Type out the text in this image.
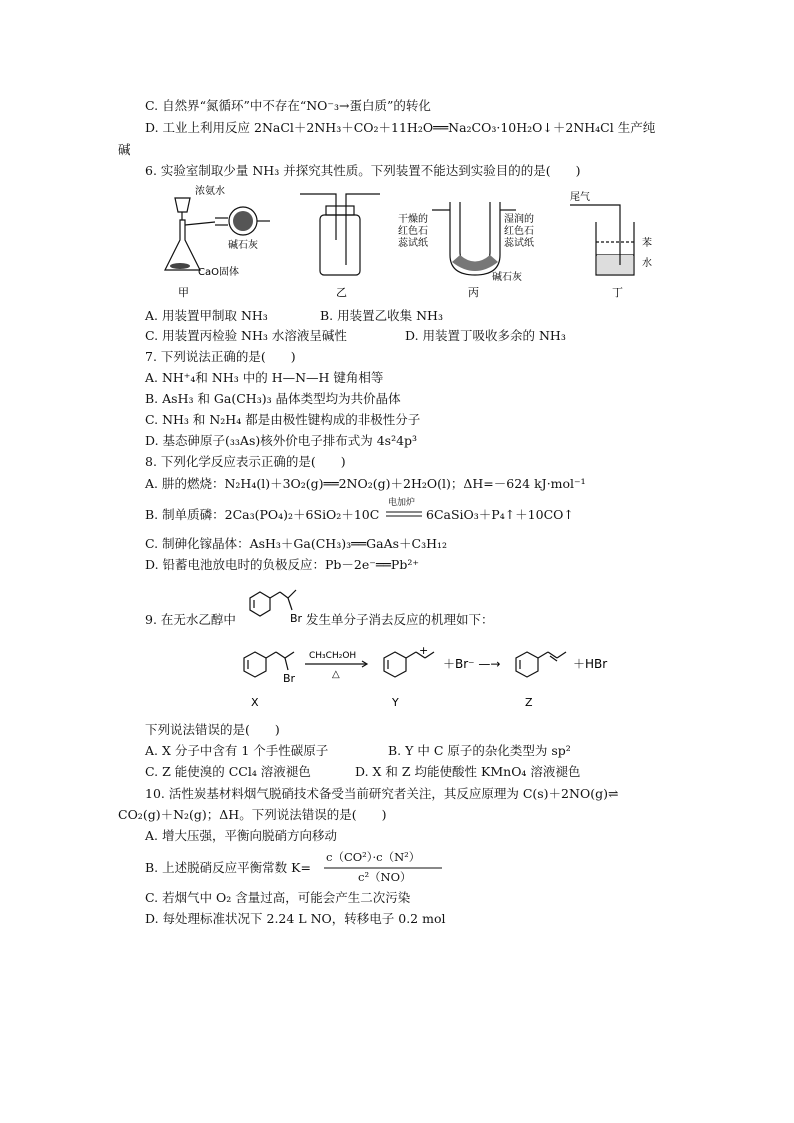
C. 自然界“氮循环”中不存在“NO⁻₃→蛋白质”的转化
D. 工业上利用反应 2NaCl＋2NH₃＋CO₂＋11H₂O══Na₂CO₃·10H₂O↓＋2NH₄Cl 生产纯
碱
6. 实验室制取少量 NH₃ 并探究其性质。下列装置不能达到实验目的的是(　　)
浓氨水
碱石灰
CaO固体
甲	乙
干燥的
红色石
蕊试纸
湿润的
红色石
蕊试纸
碱石灰
丙
尾气
苯
水
丁
A. 用装置甲制取 NH₃	B. 用装置乙收集 NH₃
C. 用装置丙检验 NH₃ 水溶液呈碱性	D. 用装置丁吸收多余的 NH₃
7. 下列说法正确的是(　　)
A. NH⁺₄和 NH₃ 中的 H—N—H 键角相等
B. AsH₃ 和 Ga(CH₃)₃ 晶体类型均为共价晶体
C. NH₃ 和 N₂H₄ 都是由极性键构成的非极性分子
D. 基态砷原子(₃₃As)核外价电子排布式为 4s²4p³
8. 下列化学反应表示正确的是(　　)
A. 肼的燃烧：N₂H₄(l)＋3O₂(g)══2NO₂(g)＋2H₂O(l)；ΔH=－624 kJ·mol⁻¹
B. 制单质磷：2Ca₃(PO₄)₂＋6SiO₂＋10C
电加炉
6CaSiO₃＋P₄↑＋10CO↑
C. 制砷化镓晶体：AsH₃＋Ga(CH₃)₃══GaAs＋C₃H₁₂
D. 铅蓄电池放电时的负极反应：Pb－2e⁻══Pb²⁺
9. 在无水乙醇中	Br 发生单分子消去反应的机理如下：
Br
CH₃CH₂OH
△
+
＋Br⁻ —→	＋HBr
X	Y	Z
下列说法错误的是(　　)
A. X 分子中含有 1 个手性碳原子	B. Y 中 C 原子的杂化类型为 sp²
C. Z 能使溴的 CCl₄ 溶液褪色	D. X 和 Z 均能使酸性 KMnO₄ 溶液褪色
10. 活性炭基材料烟气脱硝技术备受当前研究者关注，其反应原理为 C(s)＋2NO(g)⇌
CO₂(g)＋N₂(g)；ΔH。下列说法错误的是(　　)
A. 增大压强，平衡向脱硝方向移动
B. 上述脱硝反应平衡常数 K=
c（CO²）·c（N²）
c²（NO）
C. 若烟气中 O₂ 含量过高，可能会产生二次污染
D. 每处理标准状况下 2.24 L NO，转移电子 0.2 mol
